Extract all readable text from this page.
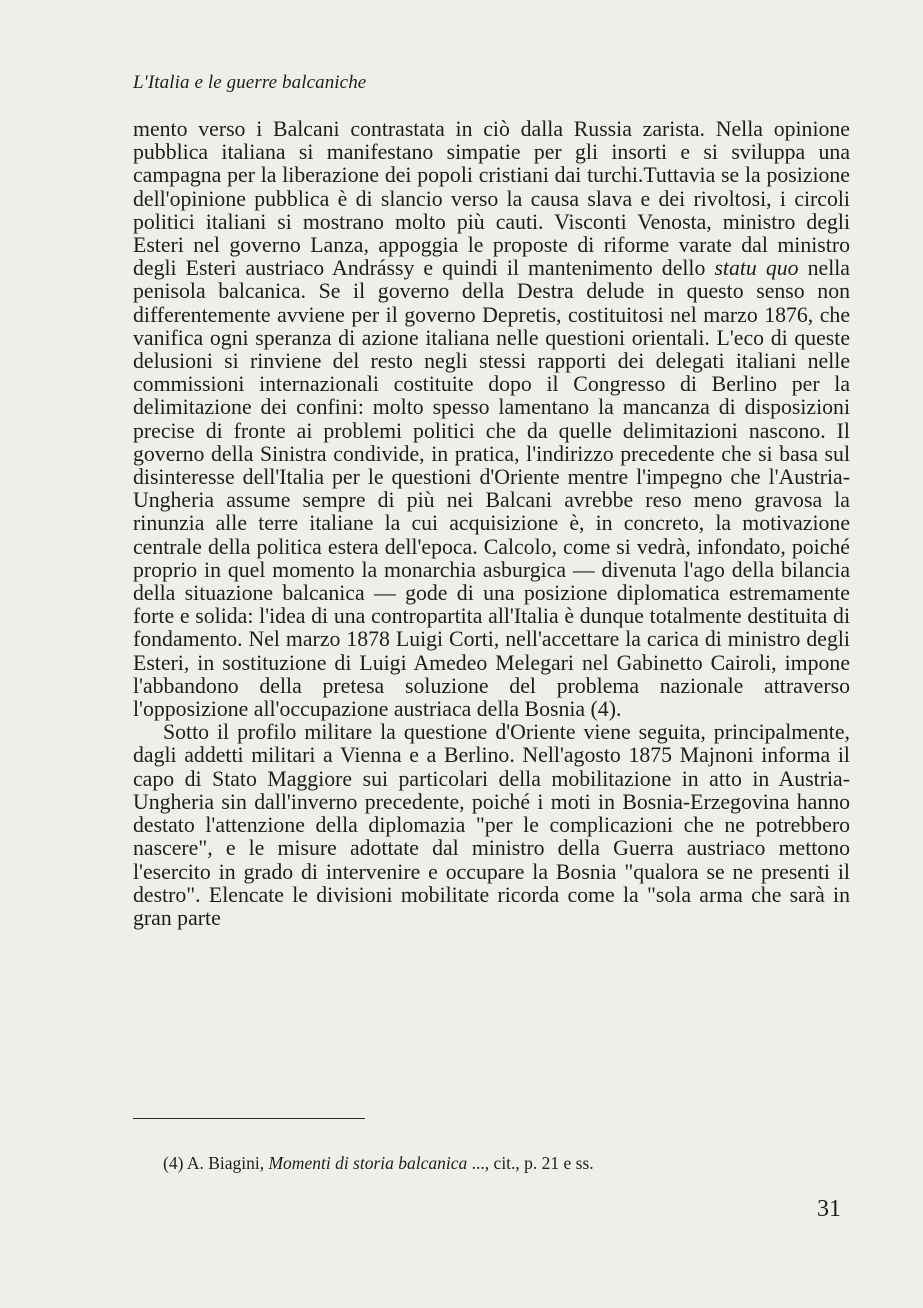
L'Italia e le guerre balcaniche

mento verso i Balcani contrastata in ciò dalla Russia zarista. Nella opinione pubblica italiana si manifestano simpatie per gli insorti e si sviluppa una campagna per la liberazione dei popoli cristiani dai turchi.Tuttavia se la posizione dell'opinione pubblica è di slancio verso la causa slava e dei rivoltosi, i circoli politici italiani si mostrano molto più cauti. Visconti Venosta, ministro degli Esteri nel governo Lanza, appoggia le proposte di riforme varate dal ministro degli Esteri austriaco Andrássy e quindi il mantenimento dello statu quo nella penisola balcanica. Se il governo della Destra delude in questo senso non differentemente avviene per il governo Depretis, costituitosi nel marzo 1876, che vanifica ogni speranza di azione italiana nelle questioni orientali. L'eco di queste delusioni si rinviene del resto negli stessi rapporti dei delegati italiani nelle commissioni internazionali costituite dopo il Congresso di Berlino per la delimitazione dei confini: molto spesso lamentano la mancanza di disposizioni precise di fronte ai problemi politici che da quelle delimitazioni nascono. Il governo della Sinistra condivide, in pratica, l'indirizzo precedente che si basa sul disinteresse dell'Italia per le questioni d'Oriente mentre l'impegno che l'Austria-Ungheria assume sempre di più nei Balcani avrebbe reso meno gravosa la rinunzia alle terre italiane la cui acquisizione è, in concreto, la motivazione centrale della politica estera dell'epoca. Calcolo, come si vedrà, infondato, poiché proprio in quel momento la monarchia asburgica — divenuta l'ago della bilancia della situazione balcanica — gode di una posizione diplomatica estremamente forte e solida: l'idea di una contropartita all'Italia è dunque totalmente destituita di fondamento. Nel marzo 1878 Luigi Corti, nell'accettare la carica di ministro degli Esteri, in sostituzione di Luigi Amedeo Melegari nel Gabinetto Cairoli, impone l'abbandono della pretesa soluzione del problema nazionale attraverso l'opposizione all'occupazione austriaca della Bosnia (4).

Sotto il profilo militare la questione d'Oriente viene seguita, principalmente, dagli addetti militari a Vienna e a Berlino. Nell'agosto 1875 Majnoni informa il capo di Stato Maggiore sui particolari della mobilitazione in atto in Austria-Ungheria sin dall'inverno precedente, poiché i moti in Bosnia-Erzegovina hanno destato l'attenzione della diplomazia "per le complicazioni che ne potrebbero nascere", e le misure adottate dal ministro della Guerra austriaco mettono l'esercito in grado di intervenire e occupare la Bosnia "qualora se ne presenti il destro". Elencate le divisioni mobilitate ricorda come la "sola arma che sarà in gran parte

(4) A. Biagini, Momenti di storia balcanica ..., cit., p. 21 e ss.
31
